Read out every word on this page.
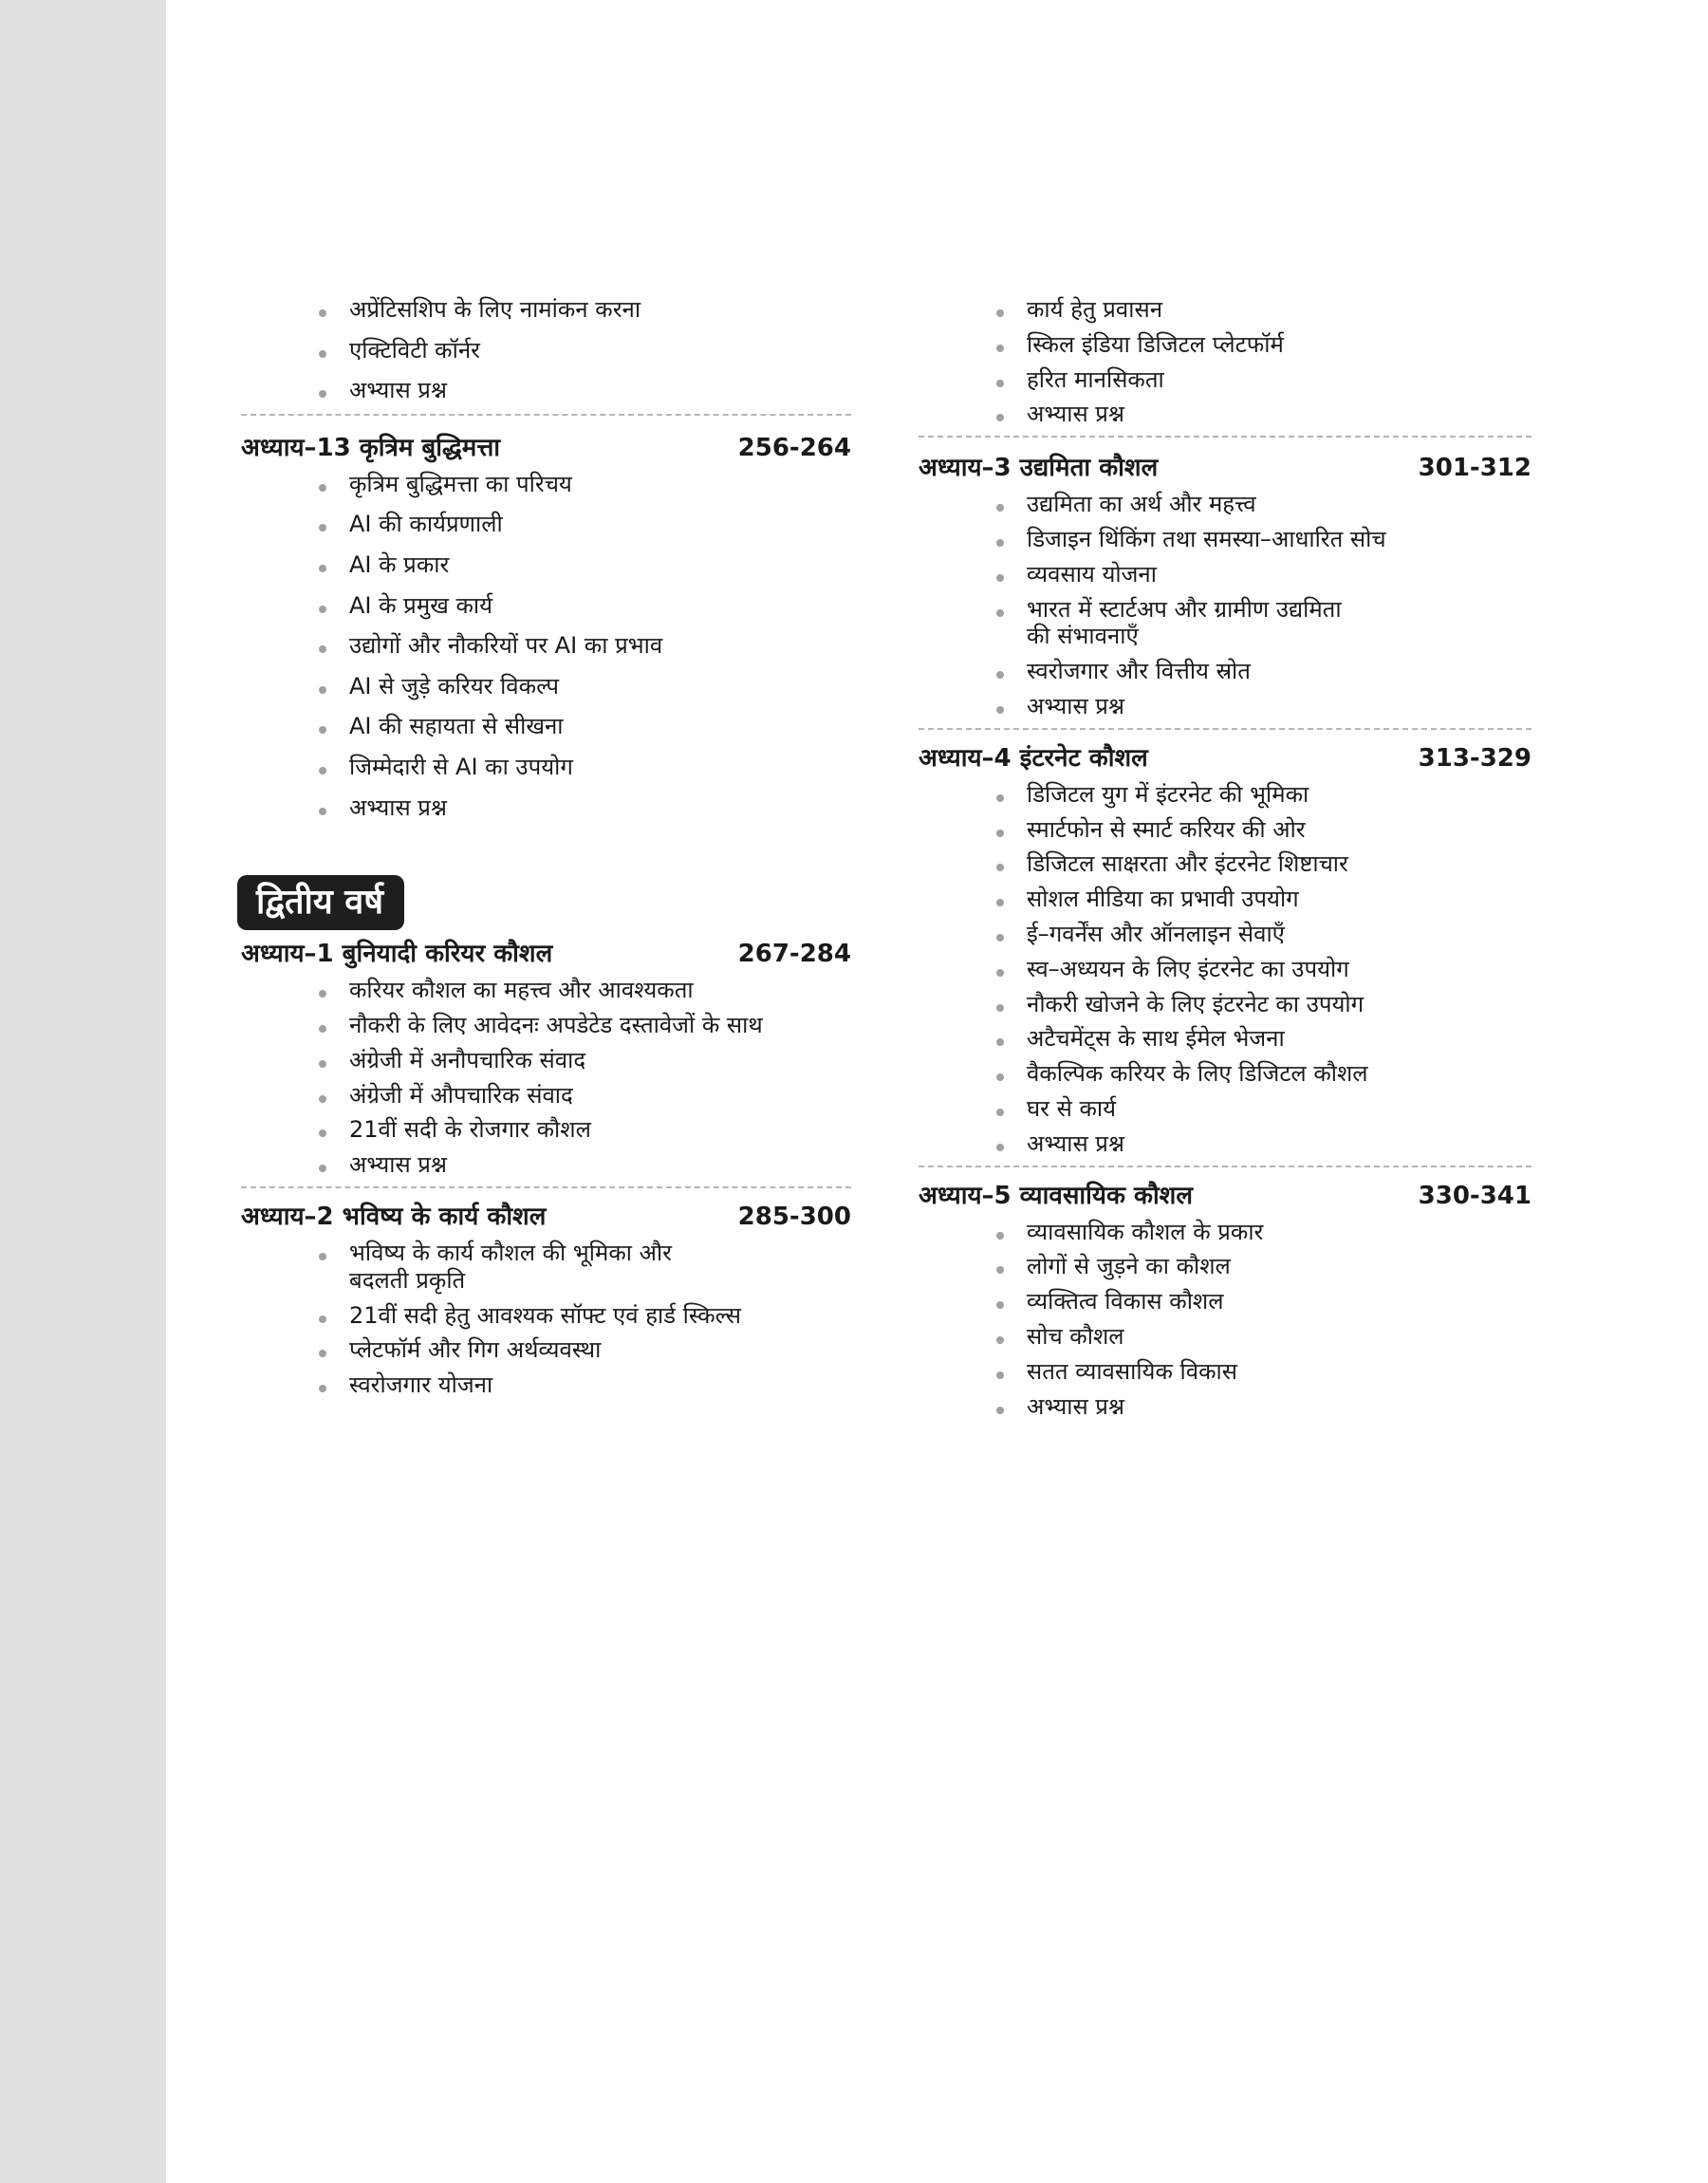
अप्रेंटिसशिप के लिए नामांकन करना
एक्टिविटी कॉर्नर
अभ्यास प्रश्न
अध्याय–13 कृत्रिम बुद्धिमत्ता	256-264
कृत्रिम बुद्धिमत्ता का परिचय
AI की कार्यप्रणाली
AI के प्रकार
AI के प्रमुख कार्य
उद्योगों और नौकरियों पर AI का प्रभाव
AI से जुड़े करियर विकल्प
AI की सहायता से सीखना
जिम्मेदारी से AI का उपयोग
अभ्यास प्रश्न
द्वितीय वर्ष
अध्याय–1 बुनियादी करियर कौशल	267-284
करियर कौशल का महत्त्व और आवश्यकता
नौकरी के लिए आवेदनः अपडेटेड दस्तावेजों के साथ
अंग्रेजी में अनौपचारिक संवाद
अंग्रेजी में औपचारिक संवाद
21वीं सदी के रोजगार कौशल
अभ्यास प्रश्न
अध्याय–2 भविष्य के कार्य कौशल	285-300
भविष्य के कार्य कौशल की भूमिका और
बदलती प्रकृति
21वीं सदी हेतु आवश्यक सॉफ्ट एवं हार्ड स्किल्स
प्लेटफॉर्म और गिग अर्थव्यवस्था
स्वरोजगार योजना
कार्य हेतु प्रवासन
स्किल इंडिया डिजिटल प्लेटफॉर्म
हरित मानसिकता
अभ्यास प्रश्न
अध्याय–3 उद्यमिता कौशल	301-312
उद्यमिता का अर्थ और महत्त्व
डिजाइन थिंकिंग तथा समस्या–आधारित सोच
व्यवसाय योजना
भारत में स्टार्टअप और ग्रामीण उद्यमिता
की संभावनाएँ
स्वरोजगार और वित्तीय स्रोत
अभ्यास प्रश्न
अध्याय–4 इंटरनेट कौशल	313-329
डिजिटल युग में इंटरनेट की भूमिका
स्मार्टफोन से स्मार्ट करियर की ओर
डिजिटल साक्षरता और इंटरनेट शिष्टाचार
सोशल मीडिया का प्रभावी उपयोग
ई–गवर्नेंस और ऑनलाइन सेवाएँ
स्व–अध्ययन के लिए इंटरनेट का उपयोग
नौकरी खोजने के लिए इंटरनेट का उपयोग
अटैचमेंट्स के साथ ईमेल भेजना
वैकल्पिक करियर के लिए डिजिटल कौशल
घर से कार्य
अभ्यास प्रश्न
अध्याय–5 व्यावसायिक कौशल	330-341
व्यावसायिक कौशल के प्रकार
लोगों से जुड़ने का कौशल
व्यक्तित्व विकास कौशल
सोच कौशल
सतत व्यावसायिक विकास
अभ्यास प्रश्न
